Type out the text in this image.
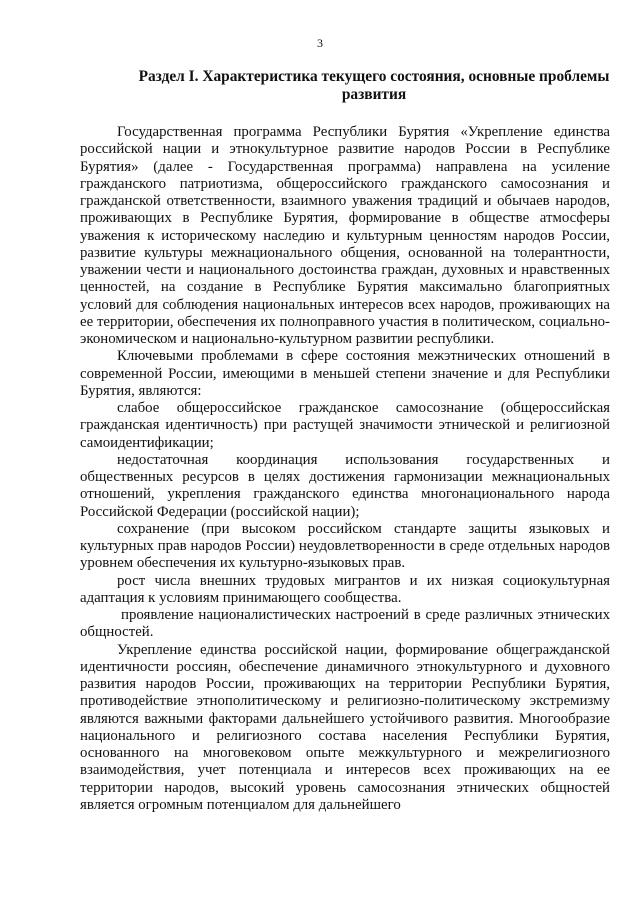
3
Раздел I. Характеристика текущего состояния, основные проблемы
развития

Государственная программа Республики Бурятия «Укрепление единства российской нации и этнокультурное развитие народов России в Республике Бурятия» (далее - Государственная программа) направлена на усиление гражданского патриотизма, общероссийского гражданского самосознания и гражданской ответственности, взаимного уважения традиций и обычаев народов, проживающих в Республике Бурятия, формирование в обществе атмосферы уважения к историческому наследию и культурным ценностям народов России, развитие культуры межнационального общения, основанной на толерантности, уважении чести и национального достоинства граждан, духовных и нравственных ценностей, на создание в Республике Бурятия максимально благоприятных условий для соблюдения национальных интересов всех народов, проживающих на ее территории, обеспечения их полноправного участия в политическом, социально-экономическом и национально-культурном развитии республики.

Ключевыми проблемами в сфере состояния межэтнических отношений в современной России, имеющими в меньшей степени значение и для Республики Бурятия, являются:

слабое общероссийское гражданское самосознание (общероссийская гражданская идентичность) при растущей значимости этнической и религиозной самоидентификации;

недостаточная координация использования государственных и общественных ресурсов в целях достижения гармонизации межнациональных отношений, укрепления гражданского единства многонационального народа Российской Федерации (российской нации);

сохранение (при высоком российском стандарте защиты языковых и культурных прав народов России) неудовлетворенности в среде отдельных народов уровнем обеспечения их культурно-языковых прав.

рост числа внешних трудовых мигрантов и их низкая социокультурная адаптация к условиям принимающего сообщества.

проявление националистических настроений в среде различных этнических общностей.

Укрепление единства российской нации, формирование общегражданской идентичности россиян, обеспечение динамичного этнокультурного и духовного развития народов России, проживающих на территории Республики Бурятия, противодействие этнополитическому и религиозно-политическому экстремизму являются важными факторами дальнейшего устойчивого развития. Многообразие национального и религиозного состава населения Республики Бурятия, основанного на многовековом опыте межкультурного и межрелигиозного взаимодействия, учет потенциала и интересов всех проживающих на ее территории народов, высокий уровень самосознания этнических общностей является огромным потенциалом для дальнейшего
